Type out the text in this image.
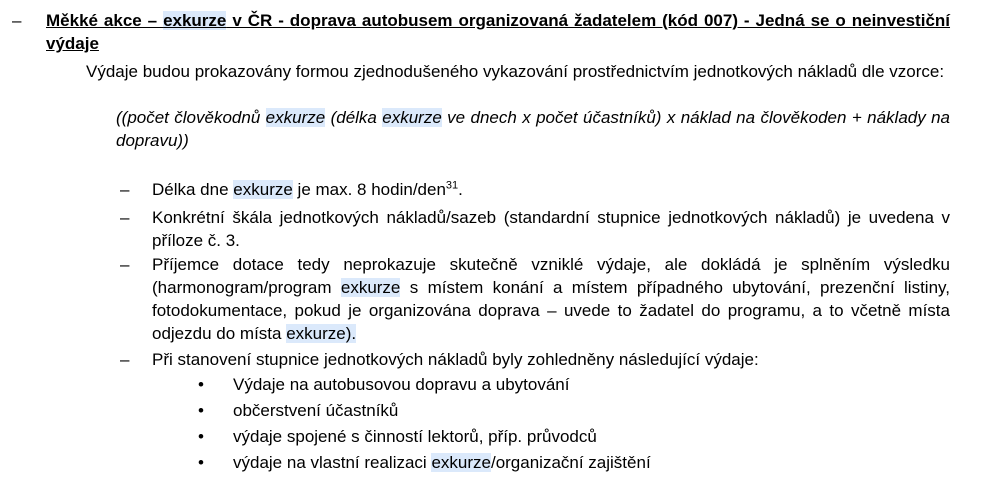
– Měkké akce – exkurze v ČR - doprava autobusem organizovaná žadatelem (kód 007) - Jedná se o neinvestiční výdaje
Výdaje budou prokazovány formou zjednodušeného vykazování prostřednictvím jednotkových nákladů dle vzorce:
((počet člověkodnů exkurze (délka exkurze ve dnech x počet účastníků) x náklad na člověkoden + náklady na dopravu))
– Délka dne exkurze je max. 8 hodin/den$^{31}$.
– Konkrétní škála jednotkových nákladů/sazeb (standardní stupnice jednotkových nákladů) je uvedena v příloze č. 3.
– Příjemce dotace tedy neprokazuje skutečně vzniklé výdaje, ale dokládá je splněním výsledku (harmonogram/program exkurze s místem konání a místem případného ubytování, prezenční listiny, fotodokumentace, pokud je organizována doprava – uvede to žadatel do programu, a to včetně místa odjezdu do místa exkurze).
– Při stanovení stupnice jednotkových nákladů byly zohledněny následující výdaje:
• Výdaje na autobusovou dopravu a ubytování
• občerstvení účastníků
• výdaje spojené s činností lektorů, příp. průvodců
• výdaje na vlastní realizaci exkurze/organizační zajištění
